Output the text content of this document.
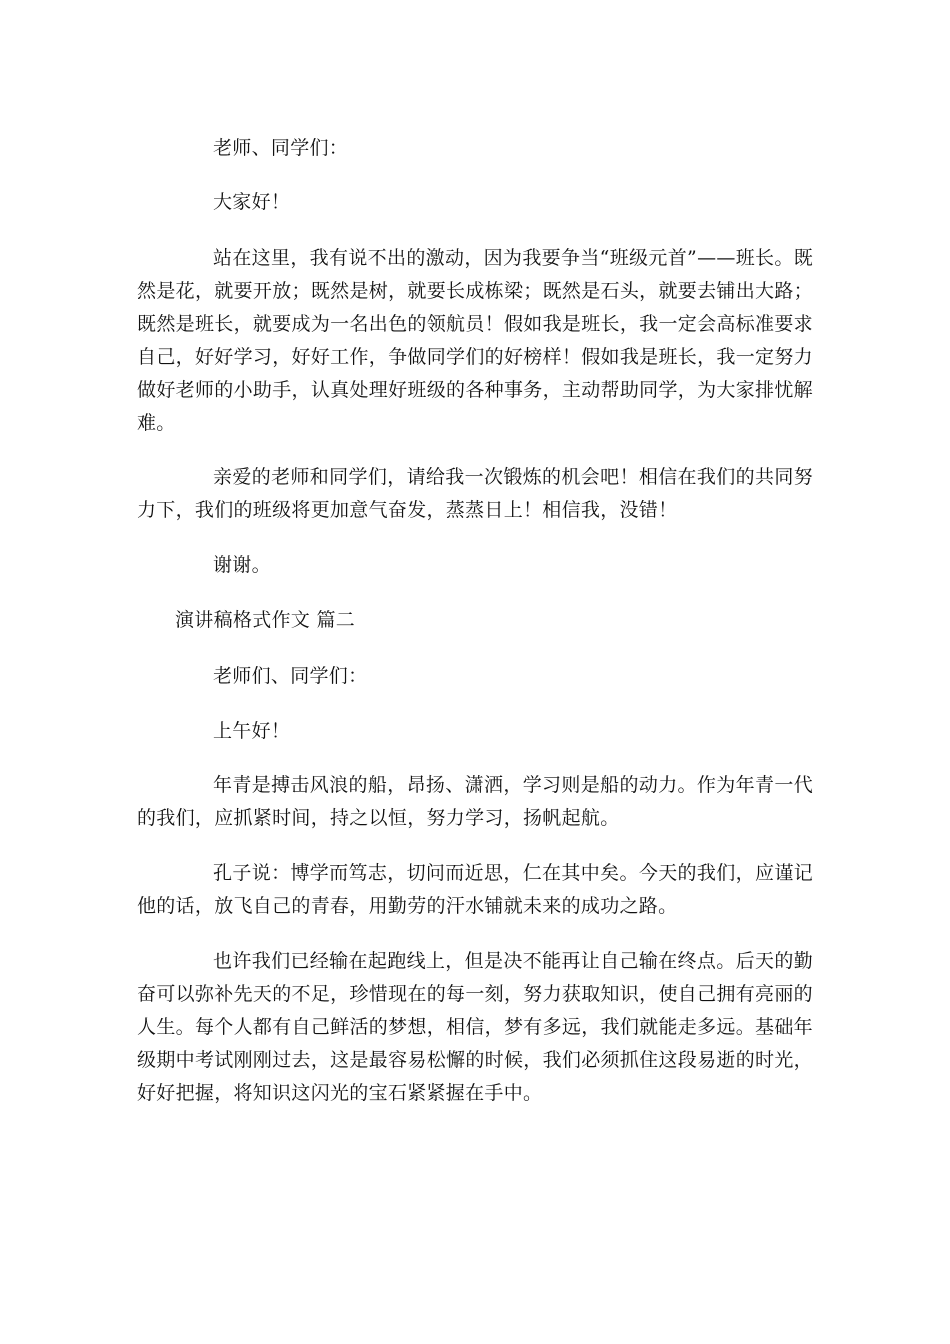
老师、同学们：

大家好！

站在这里，我有说不出的激动，因为我要争当“班级元首”——班长。既然是花，就要开放；既然是树，就要长成栋梁；既然是石头，就要去铺出大路；既然是班长，就要成为一名出色的领航员！假如我是班长，我一定会高标准要求自己，好好学习，好好工作，争做同学们的好榜样！假如我是班长，我一定努力做好老师的小助手，认真处理好班级的各种事务，主动帮助同学，为大家排忧解难。

亲爱的老师和同学们，请给我一次锻炼的机会吧！相信在我们的共同努力下，我们的班级将更加意气奋发，蒸蒸日上！相信我，没错！

谢谢。

演讲稿格式作文 篇二

老师们、同学们：

上午好！

年青是搏击风浪的船，昂扬、潇洒，学习则是船的动力。作为年青一代的我们，应抓紧时间，持之以恒，努力学习，扬帆起航。

孔子说：博学而笃志，切问而近思，仁在其中矣。今天的我们，应谨记他的话，放飞自己的青春，用勤劳的汗水铺就未来的成功之路。

也许我们已经输在起跑线上，但是决不能再让自己输在终点。后天的勤奋可以弥补先天的不足，珍惜现在的每一刻，努力获取知识，使自己拥有亮丽的人生。每个人都有自己鲜活的梦想，相信，梦有多远，我们就能走多远。基础年级期中考试刚刚过去，这是最容易松懈的时候，我们必须抓住这段易逝的时光，好好把握，将知识这闪光的宝石紧紧握在手中。
